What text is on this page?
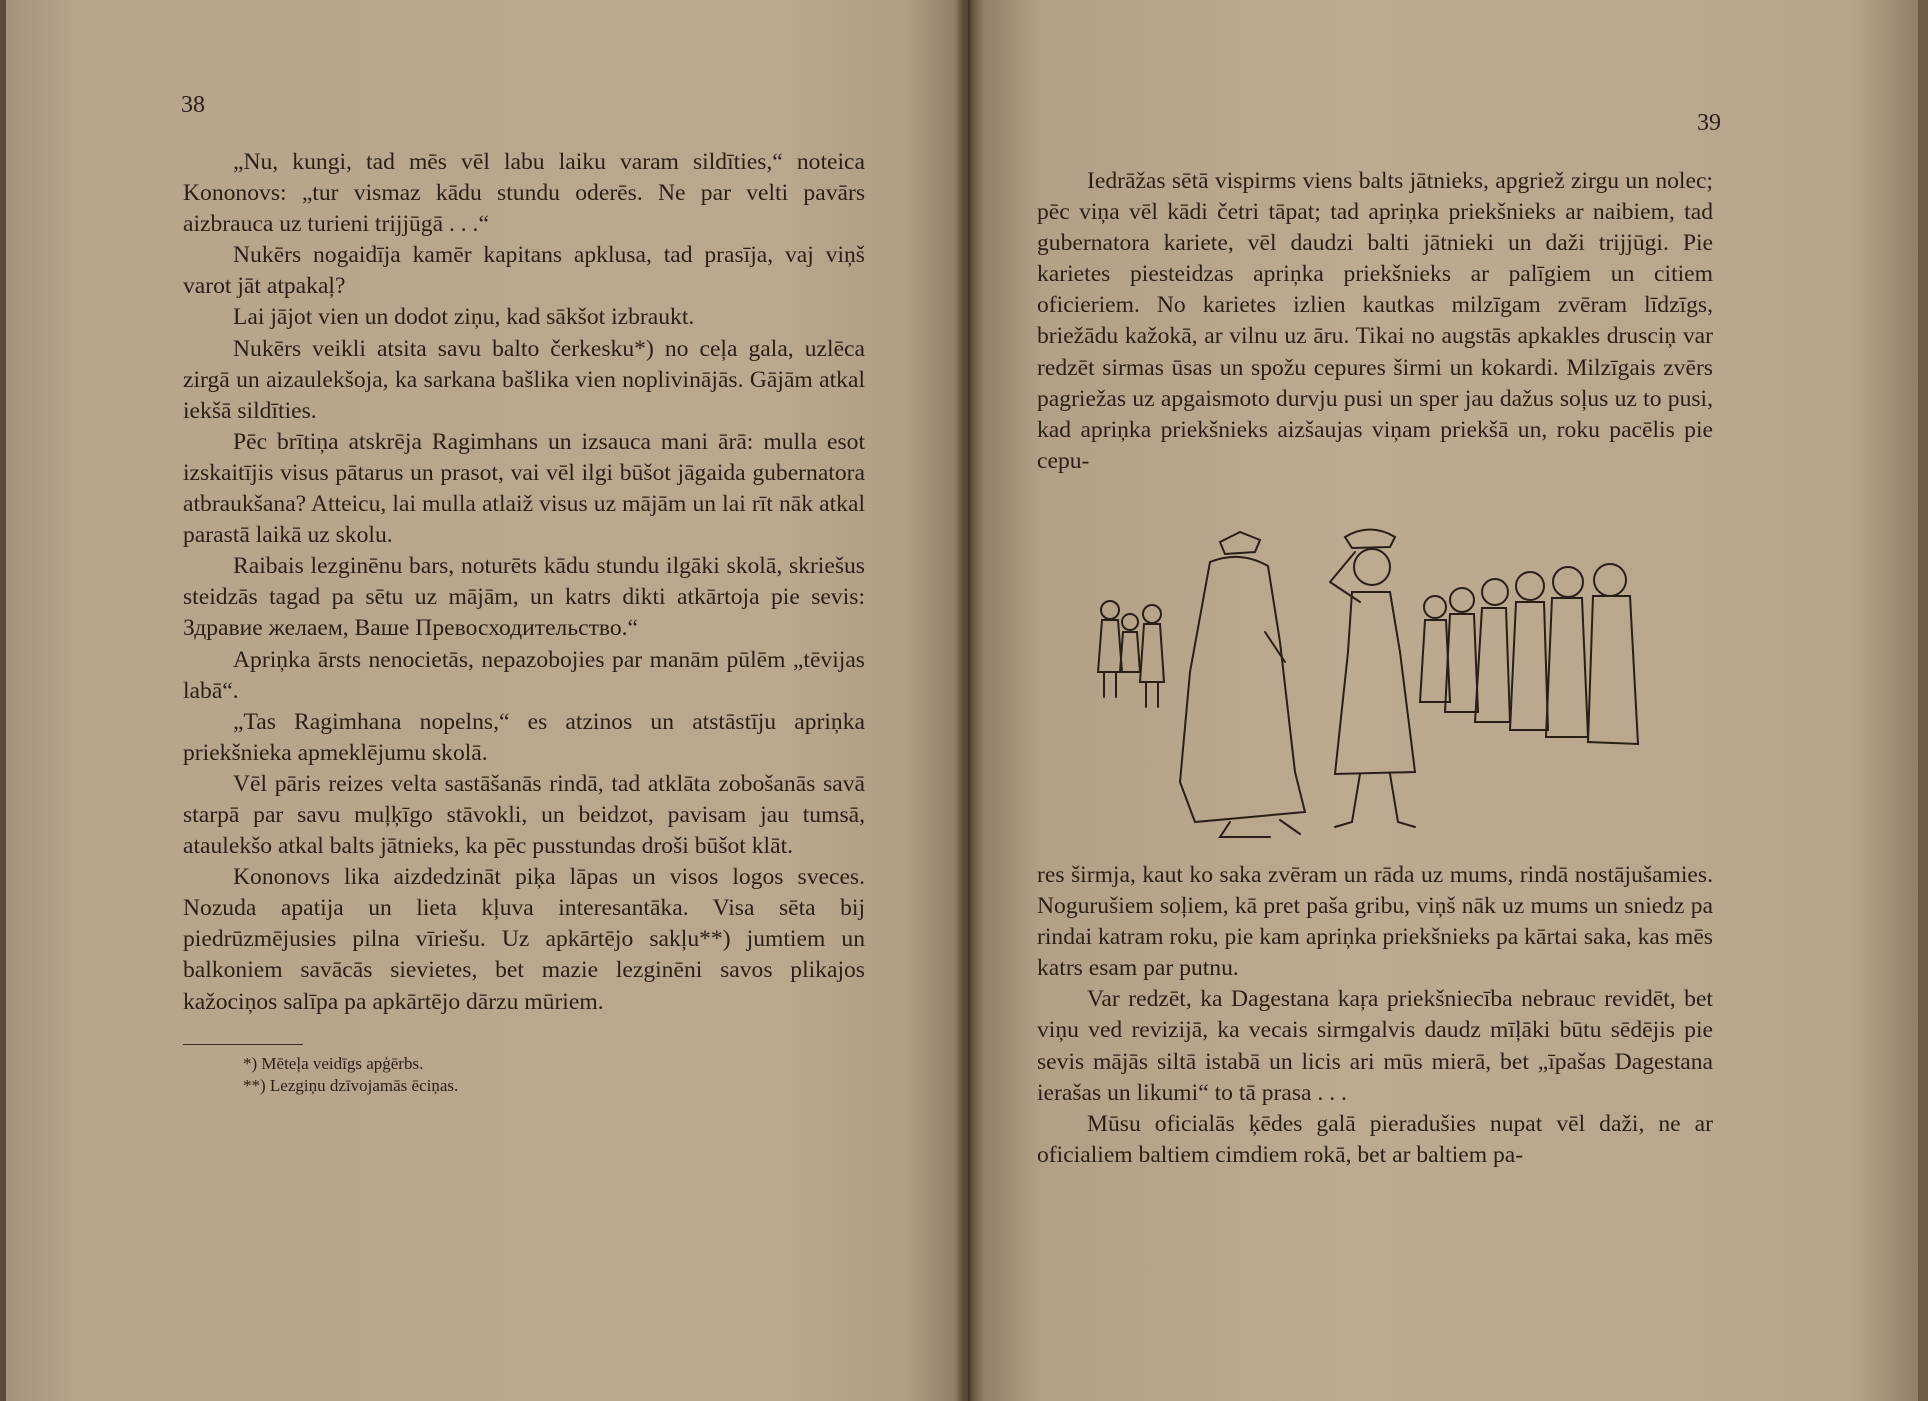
38

„Nu, kungi, tad mēs vēl labu laiku varam sildīties,“ noteica Kononovs: „tur vismaz kādu stundu oderēs. Ne par velti pavārs aizbrauca uz turieni trijjūgā . . .“

Nukērs nogaidīja kamēr kapitans apklusa, tad prasīja, vaj viņš varot jāt atpakaļ?

Lai jājot vien un dodot ziņu, kad sākšot izbraukt.

Nukērs veikli atsita savu balto čerkesku*) no ceļa gala, uzlēca zirgā un aizaulekšoja, ka sarkana bašlika vien noplivinājās. Gājām atkal iekšā sildīties.

Pēc brītiņa atskrēja Ragimhans un izsauca mani ārā: mulla esot izskaitījis visus pātarus un prasot, vai vēl ilgi būšot jāgaida gubernatora atbraukšana? Atteicu, lai mulla atlaiž visus uz mājām un lai rīt nāk atkal parastā laikā uz skolu.

Raibais lezginēnu bars, noturēts kādu stundu ilgāki skolā, skriešus steidzās tagad pa sētu uz mājām, un katrs dikti atkārtoja pie sevis: Здравие желаем, Ваше Превосходительство.“

Apriņka ārsts nenocietās, nepazobojies par manām pūlēm „tēvijas labā“.

„Tas Ragimhana nopelns,“ es atzinos un atstāstīju apriņka priekšnieka apmeklējumu skolā.

Vēl pāris reizes velta sastāšanās rindā, tad atklāta zobošanās savā starpā par savu muļķīgo stāvokli, un beidzot, pavisam jau tumsā, ataulekšo atkal balts jātnieks, ka pēc pusstundas droši būšot klāt.

Kononovs lika aizdedzināt piķa lāpas un visos logos sveces. Nozuda apatija un lieta kļuva interesantāka. Visa sēta bij piedrūzmējusies pilna vīriešu. Uz apkārtējo sakļu**) jumtiem un balkoniem savācās sievietes, bet mazie lezginēni savos plikajos kažociņos salīpa pa apkārtējo dārzu mūriem.

*) Mēteļa veidīgs apģērbs.
**) Lezgiņu dzīvojamās ēciņas.
39

Iedrāžas sētā vispirms viens balts jātnieks, apgriež zirgu un nolec; pēc viņa vēl kādi četri tāpat; tad apriņka priekšnieks ar naibiem, tad gubernatora kariete, vēl daudzi balti jātnieki un daži trijjūgi. Pie karietes piesteidzas apriņka priekšnieks ar palīgiem un citiem oficieriem. No karietes izlien kautkas milzīgam zvēram līdzīgs, briežādu kažokā, ar vilnu uz āru. Tikai no augstās apkakles drusciņ var redzēt sirmas ūsas un spožu cepures širmi un kokardi. Milzīgais zvērs pagriežas uz apgaismoto durvju pusi un sper jau dažus soļus uz to pusi, kad apriņka priekšnieks aizšaujas viņam priekšā un, roku pacēlis pie cepu-

res širmja, kaut ko saka zvēram un rāda uz mums, rindā nostājušamies. Nogurušiem soļiem, kā pret paša gribu, viņš nāk uz mums un sniedz pa rindai katram roku, pie kam apriņka priekšnieks pa kārtai saka, kas mēs katrs esam par putnu.

Var redzēt, ka Dagestana kaŗa priekšniecība nebrauc revidēt, bet viņu ved revizijā, ka vecais sirmgalvis daudz mīļāki būtu sēdējis pie sevis mājās siltā istabā un licis ari mūs mierā, bet „īpašas Dagestana ierašas un likumi“ to tā prasa . . .

Mūsu oficialās ķēdes galā pieradušies nupat vēl daži, ne ar oficialiem baltiem cimdiem rokā, bet ar baltiem pa-
